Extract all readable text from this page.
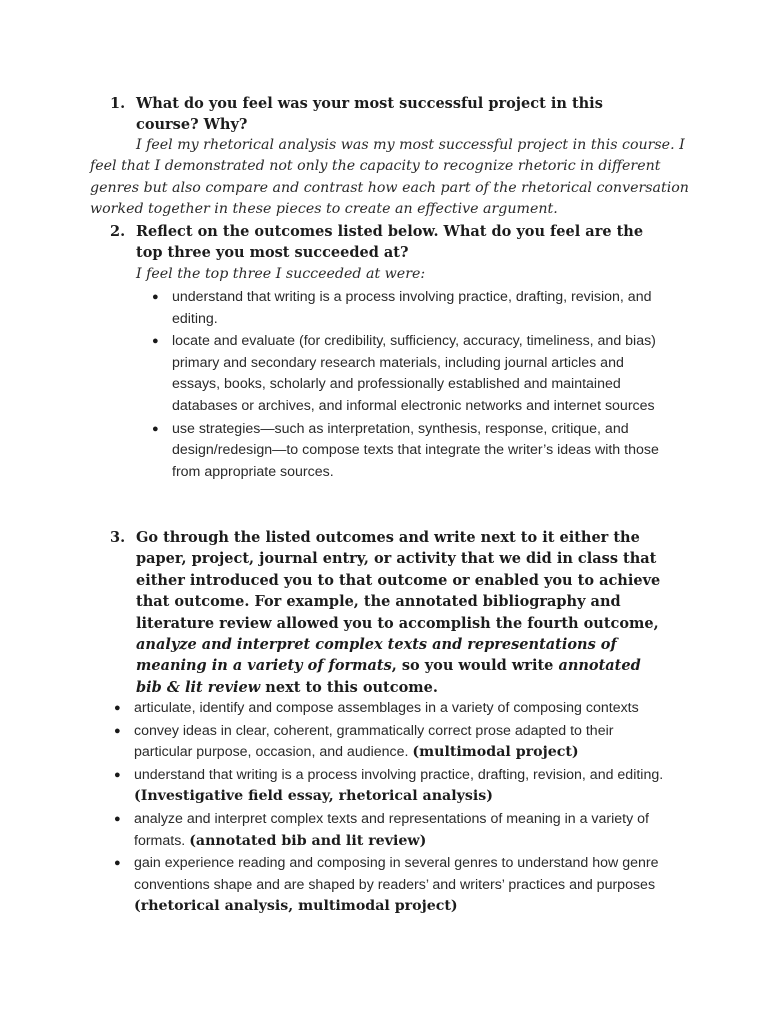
1. What do you feel was your most successful project in this course? Why?
I feel my rhetorical analysis was my most successful project in this course. I feel that I demonstrated not only the capacity to recognize rhetoric in different genres but also compare and contrast how each part of the rhetorical conversation worked together in these pieces to create an effective argument.
2. Reflect on the outcomes listed below. What do you feel are the top three you most succeeded at?
I feel the top three I succeeded at were:
● understand that writing is a process involving practice, drafting, revision, and editing.
● locate and evaluate (for credibility, sufficiency, accuracy, timeliness, and bias) primary and secondary research materials, including journal articles and essays, books, scholarly and professionally established and maintained databases or archives, and informal electronic networks and internet sources
● use strategies—such as interpretation, synthesis, response, critique, and design/redesign—to compose texts that integrate the writer’s ideas with those from appropriate sources.
3. Go through the listed outcomes and write next to it either the paper, project, journal entry, or activity that we did in class that either introduced you to that outcome or enabled you to achieve that outcome. For example, the annotated bibliography and literature review allowed you to accomplish the fourth outcome, analyze and interpret complex texts and representations of meaning in a variety of formats, so you would write annotated bib & lit review next to this outcome.
● articulate, identify and compose assemblages in a variety of composing contexts
● convey ideas in clear, coherent, grammatically correct prose adapted to their particular purpose, occasion, and audience. (multimodal project)
● understand that writing is a process involving practice, drafting, revision, and editing. (Investigative field essay, rhetorical analysis)
● analyze and interpret complex texts and representations of meaning in a variety of formats. (annotated bib and lit review)
● gain experience reading and composing in several genres to understand how genre conventions shape and are shaped by readers’ and writers’ practices and purposes (rhetorical analysis, multimodal project)
